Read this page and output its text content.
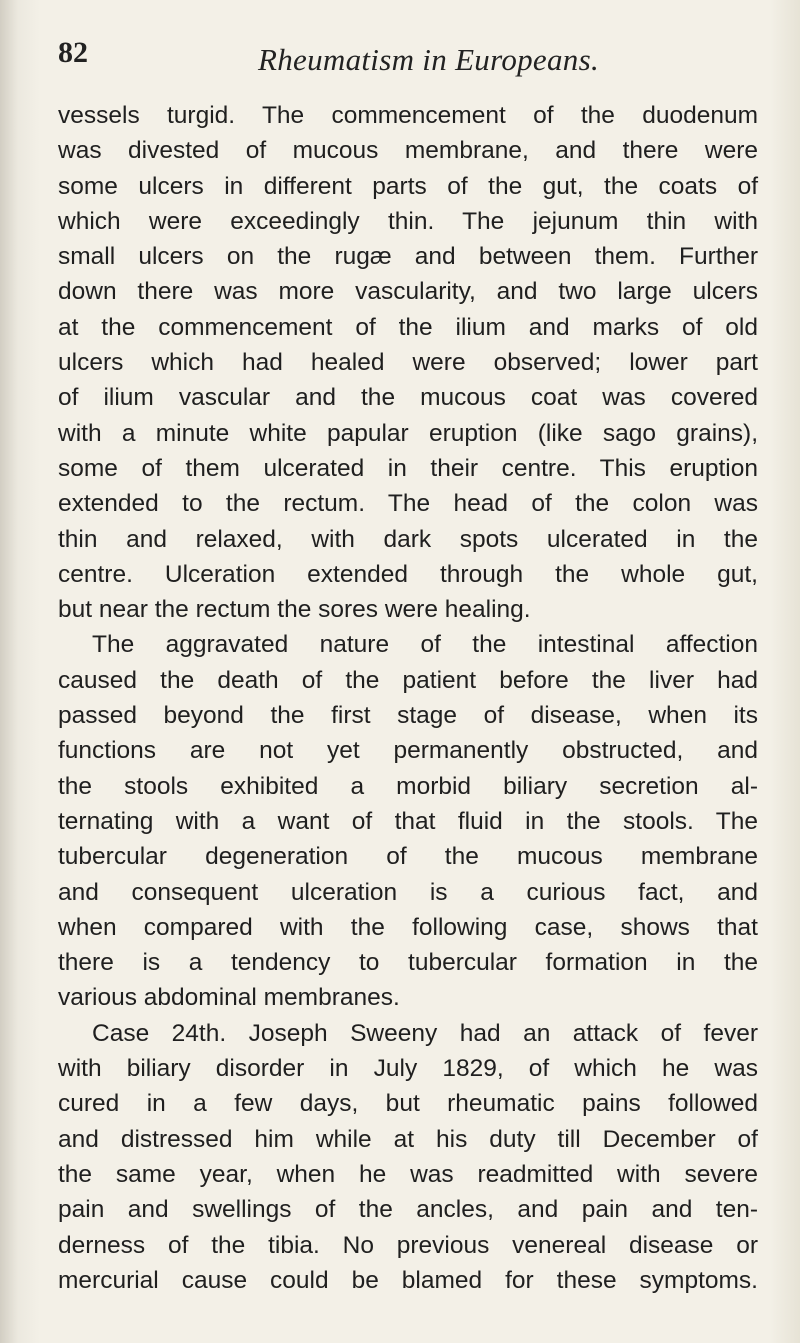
82	Rheumatism in Europeans.
vessels turgid. The commencement of the duodenum
was divested of mucous membrane, and there were
some ulcers in different parts of the gut, the coats of
which were exceedingly thin. The jejunum thin with
small ulcers on the rugæ and between them. Further
down there was more vascularity, and two large ulcers
at the commencement of the ilium and marks of old
ulcers which had healed were observed; lower part
of ilium vascular and the mucous coat was covered
with a minute white papular eruption (like sago grains),
some of them ulcerated in their centre. This eruption
extended to the rectum. The head of the colon was
thin and relaxed, with dark spots ulcerated in the
centre. Ulceration extended through the whole gut,
but near the rectum the sores were healing.
The aggravated nature of the intestinal affection
caused the death of the patient before the liver had
passed beyond the first stage of disease, when its
functions are not yet permanently obstructed, and
the stools exhibited a morbid biliary secretion al-
ternating with a want of that fluid in the stools. The
tubercular degeneration of the mucous membrane
and consequent ulceration is a curious fact, and
when compared with the following case, shows that
there is a tendency to tubercular formation in the
various abdominal membranes.
Case 24th. Joseph Sweeny had an attack of fever
with biliary disorder in July 1829, of which he was
cured in a few days, but rheumatic pains followed
and distressed him while at his duty till December of
the same year, when he was readmitted with severe
pain and swellings of the ancles, and pain and ten-
derness of the tibia. No previous venereal disease or
mercurial cause could be blamed for these symptoms.
